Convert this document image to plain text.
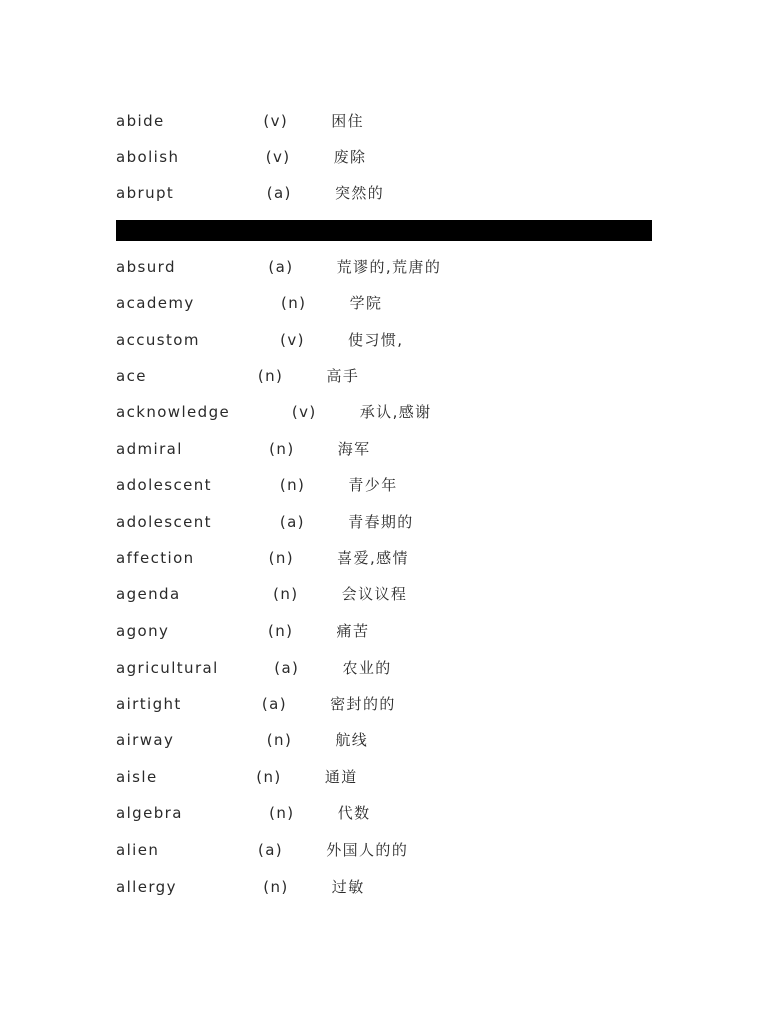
abide                (v)       困住
abolish              (v)       废除
abrupt               (a)       突然的
absurd               (a)       荒谬的,荒唐的
academy              (n)       学院
accustom             (v)       使习惯,
ace                  (n)       高手
acknowledge          (v)       承认,感谢
admiral              (n)       海军
adolescent           (n)       青少年
adolescent           (a)       青春期的
affection            (n)       喜爱,感情
agenda               (n)       会议议程
agony                (n)       痛苦
agricultural         (a)       农业的
airtight             (a)       密封的的
airway               (n)       航线
aisle                (n)       通道
algebra              (n)       代数
alien                (a)       外国人的的
allergy              (n)       过敏
